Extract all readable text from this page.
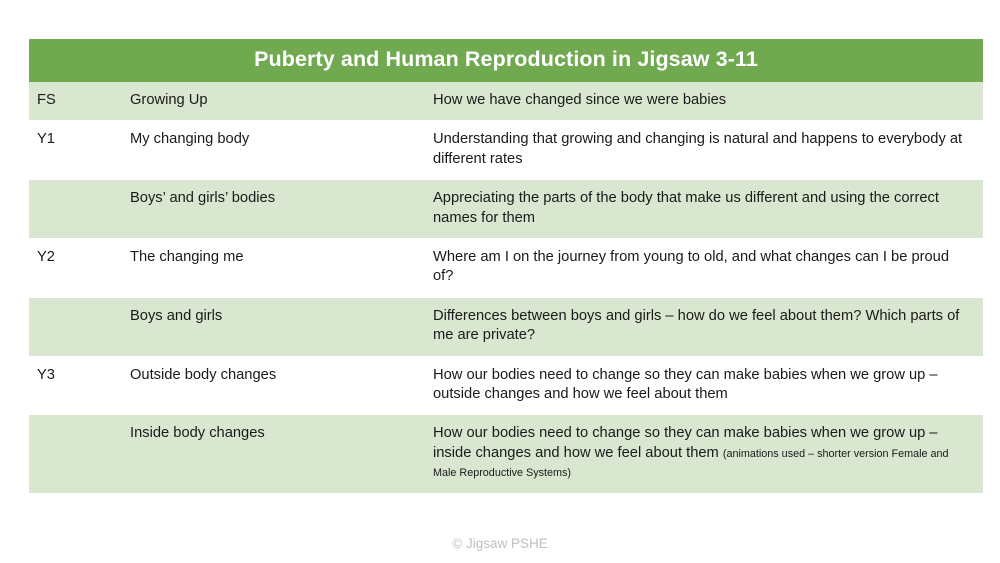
Puberty and Human Reproduction in Jigsaw 3-11		
FS	Growing Up	How we have changed since we were babies
Y1	My changing body	Understanding that growing and changing is natural and happens to everybody at different rates
	Boys’ and girls’ bodies	Appreciating the parts of the body that make us different and using the correct names for them
Y2	The changing me	Where am I on the journey from young to old, and what changes can I be proud of?
	Boys and girls	Differences between boys and girls – how do we feel about them? Which parts of me are private?
Y3	Outside body changes	How our bodies need to change so they can make babies when we grow up – outside changes and how we feel about them
	Inside body changes	How our bodies need to change so they can make babies when we grow up – inside changes and how we feel about them (animations used – shorter version Female and Male Reproductive Systems)
© Jigsaw PSHE
